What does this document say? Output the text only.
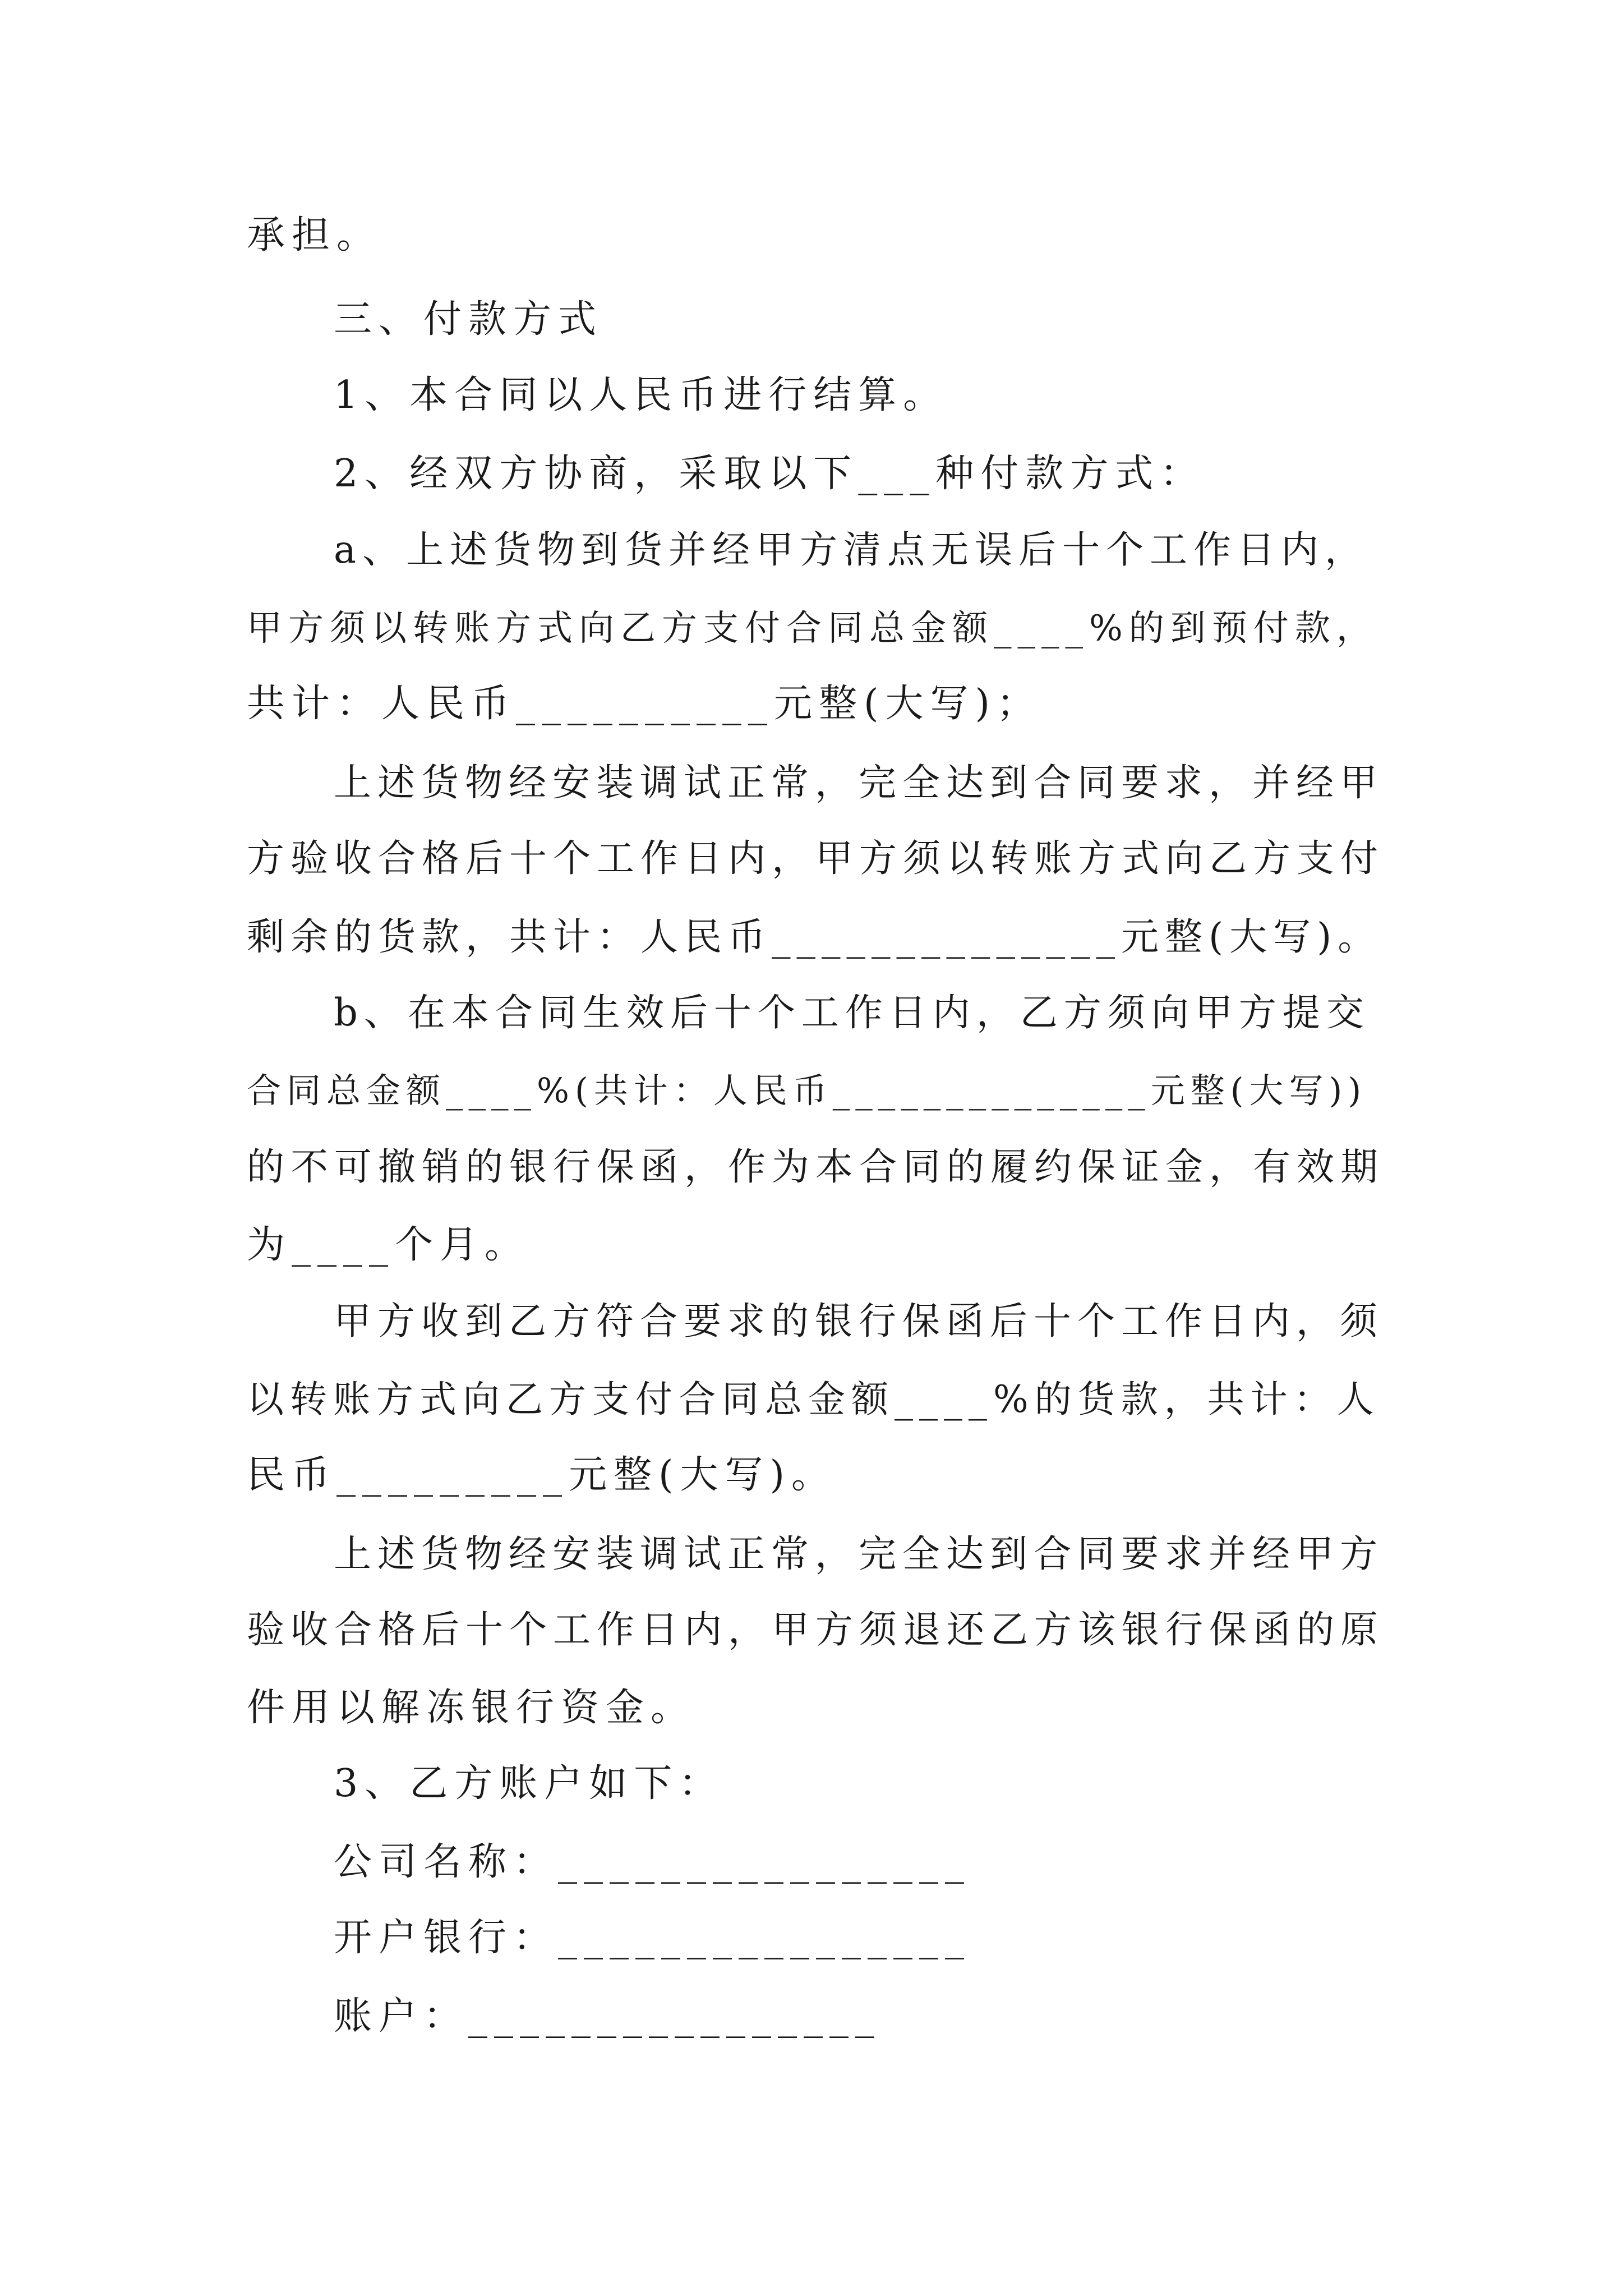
承担。
三、付款方式
1、本合同以人民币进行结算。
2、经双方协商，采取以下___种付款方式：
a、上述货物到货并经甲方清点无误后十个工作日内，
甲方须以转账方式向乙方支付合同总金额____%的到预付款，
共计：人民币__________元整(大写)；
上述货物经安装调试正常，完全达到合同要求，并经甲
方验收合格后十个工作日内，甲方须以转账方式向乙方支付
剩余的货款，共计：人民币______________元整(大写)。
b、在本合同生效后十个工作日内，乙方须向甲方提交
合同总金额____%(共计：人民币______________元整(大写))
的不可撤销的银行保函，作为本合同的履约保证金，有效期
为____个月。
甲方收到乙方符合要求的银行保函后十个工作日内，须
以转账方式向乙方支付合同总金额____%的货款，共计：人
民币_________元整(大写)。
上述货物经安装调试正常，完全达到合同要求并经甲方
验收合格后十个工作日内，甲方须退还乙方该银行保函的原
件用以解冻银行资金。
3、乙方账户如下：
公司名称：________________
开户银行：________________
账户：________________
